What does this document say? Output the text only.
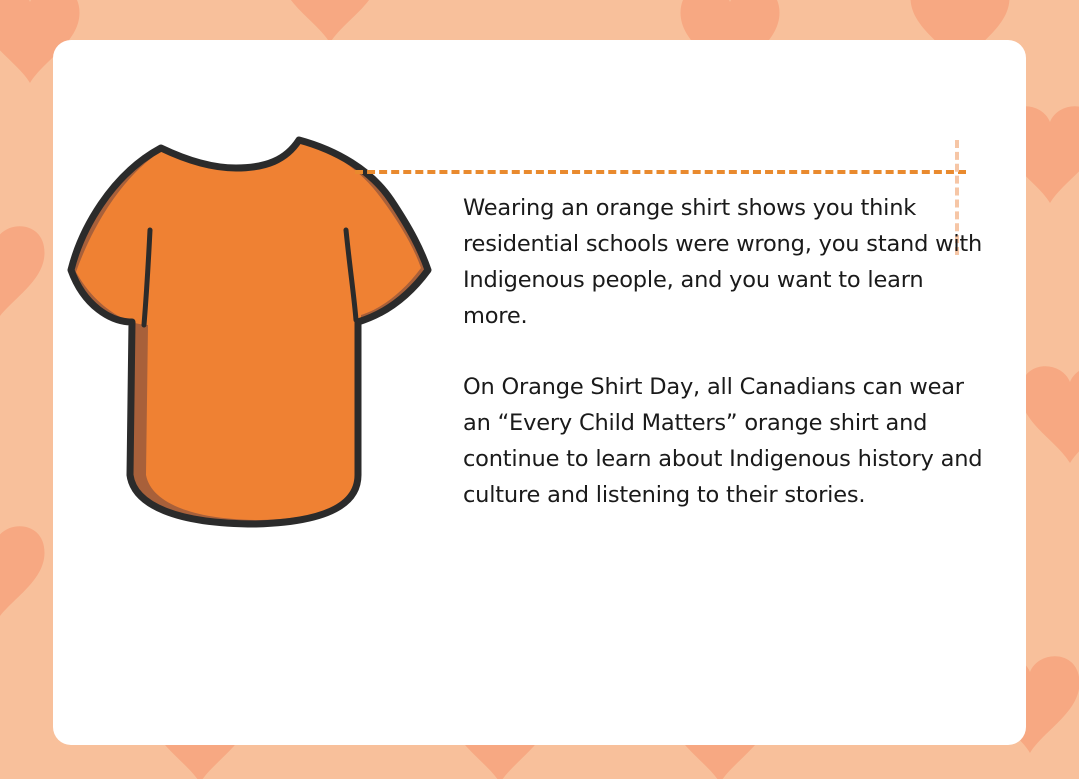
Wearing an orange shirt shows you think residential schools were wrong, you stand with Indigenous people, and you want to learn more.

On Orange Shirt Day, all Canadians can wear an “Every Child Matters” orange shirt and continue to learn about Indigenous history and culture and listening to their stories.
